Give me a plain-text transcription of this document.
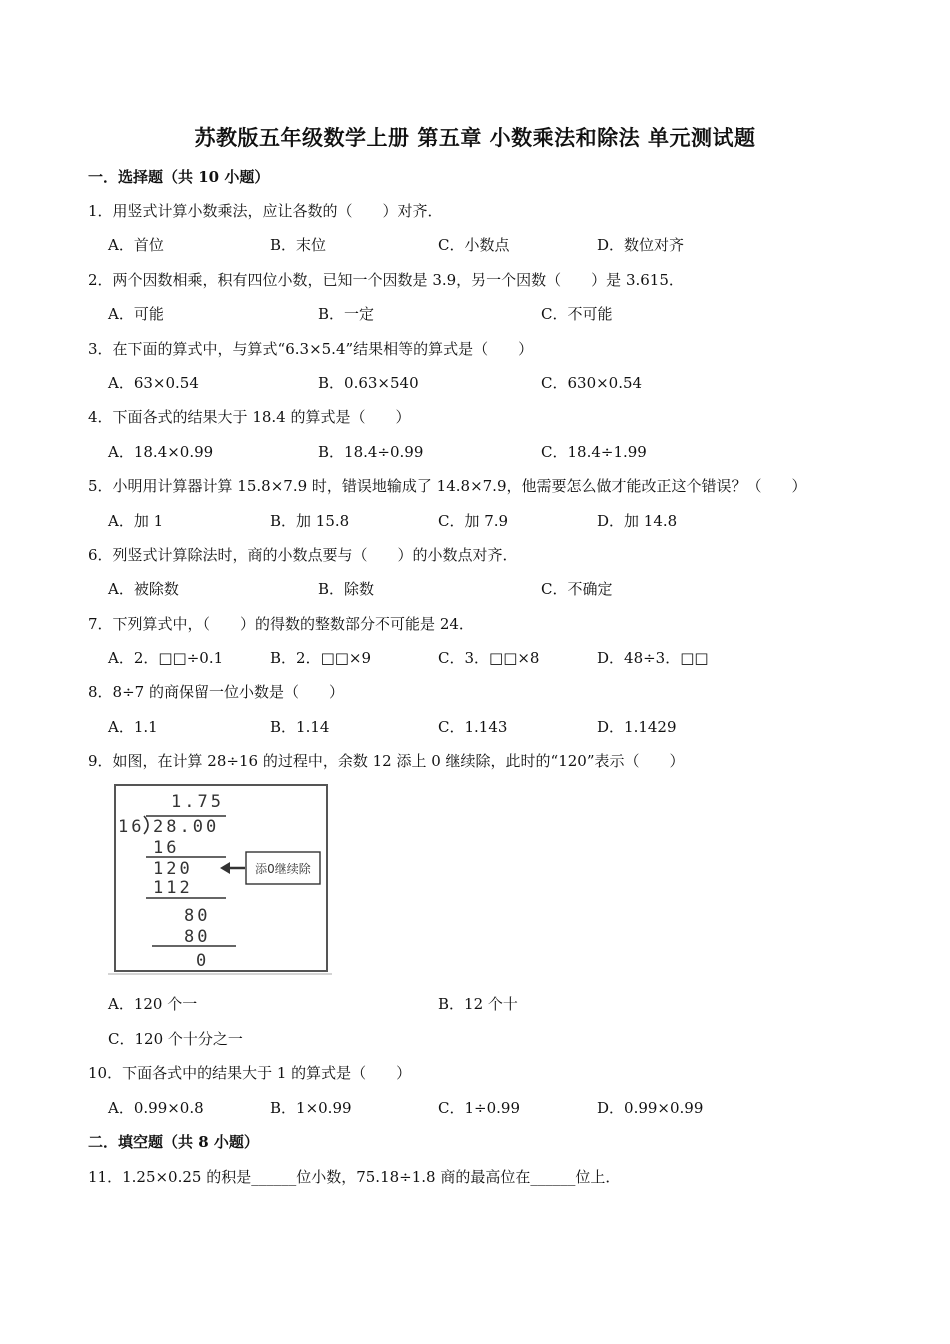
苏教版五年级数学上册 第五章 小数乘法和除法 单元测试题
一．选择题（共 10 小题）
1．用竖式计算小数乘法，应让各数的（　　）对齐．
A．首位	B．末位	C．小数点	D．数位对齐
2．两个因数相乘，积有四位小数，已知一个因数是 3.9，另一个因数（　　）是 3.615．
A．可能	B．一定	C．不可能
3．在下面的算式中，与算式“6.3×5.4”结果相等的算式是（　　）
A．63×0.54	B．0.63×540	C．630×0.54
4．下面各式的结果大于 18.4 的算式是（　　）
A．18.4×0.99	B．18.4÷0.99	C．18.4÷1.99
5．小明用计算器计算 15.8×7.9 时，错误地输成了 14.8×7.9，他需要怎么做才能改正这个错误？（　　）
A．加 1	B．加 15.8	C．加 7.9	D．加 14.8
6．列竖式计算除法时，商的小数点要与（　　）的小数点对齐．
A．被除数	B．除数	C．不确定
7．下列算式中，（　　）的得数的整数部分不可能是 24．
A．2．□□÷0.1	B．2．□□×9	C．3．□□×8	D．48÷3．□□
8．8÷7 的商保留一位小数是（　　）
A．1.1	B．1.14	C．1.143	D．1.1429
9．如图，在计算 28÷16 的过程中，余数 12 添上 0 继续除，此时的“120”表示（　　）
1.75
16 28.00
16
120
112
80
80
0
添0继续除
A．120 个一	B．12 个十
C．120 个十分之一
10．下面各式中的结果大于 1 的算式是（　　）
A．0.99×0.8	B．1×0.99	C．1÷0.99	D．0.99×0.99
二．填空题（共 8 小题）
11．1.25×0.25 的积是______位小数，75.18÷1.8 商的最高位在______位上．
